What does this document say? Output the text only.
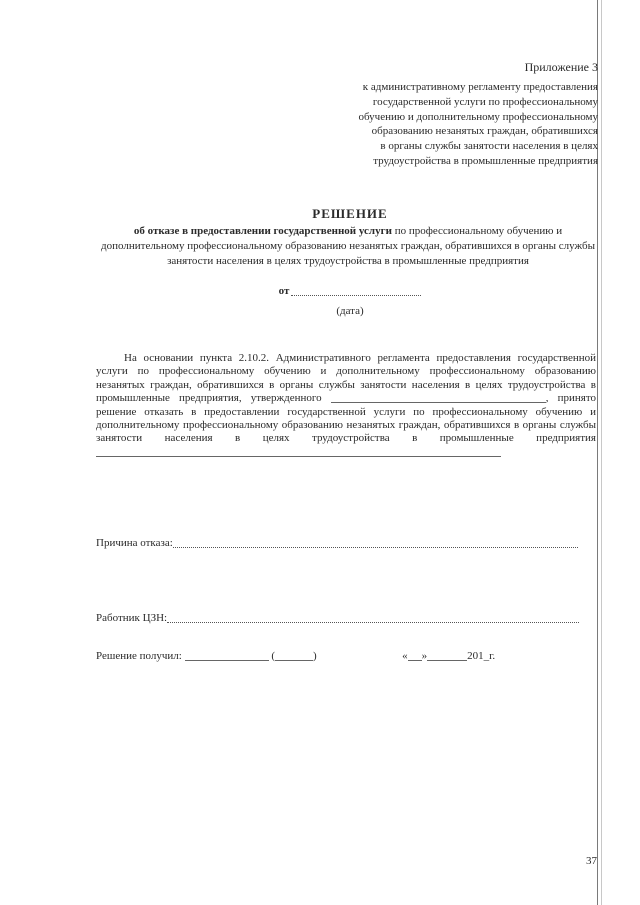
Приложение 3
к административному регламенту предоставления
государственной услуги по профессиональному
обучению и дополнительному профессиональному
образованию незанятых граждан, обратившихся
в органы службы занятости населения в целях
трудоустройства в промышленные предприятия
РЕШЕНИЕ
об отказе в предоставлении государственной услуги по профессиональному обучению и дополнительному профессиональному образованию незанятых граждан, обратившихся в органы службы занятости населения в целях трудоустройства в промышленные предприятия
от
(дата)
На основании пункта 2.10.2. Административного регламента предоставления государственной услуги по профессиональному обучению и дополнительному профессиональному образованию незанятых граждан, обратившихся в органы службы занятости населения в целях трудоустройства в промышленные предприятия, утвержденного	, принято решение отказать в предоставлении государственной услуги по профессиональному обучению и дополнительному профессиональному образованию незанятых граждан, обратившихся в органы службы занятости населения в целях трудоустройства в промышленные предприятия
Причина отказа:
Работник ЦЗН:
Решение получил:	(	)	« »	201_г.
37
